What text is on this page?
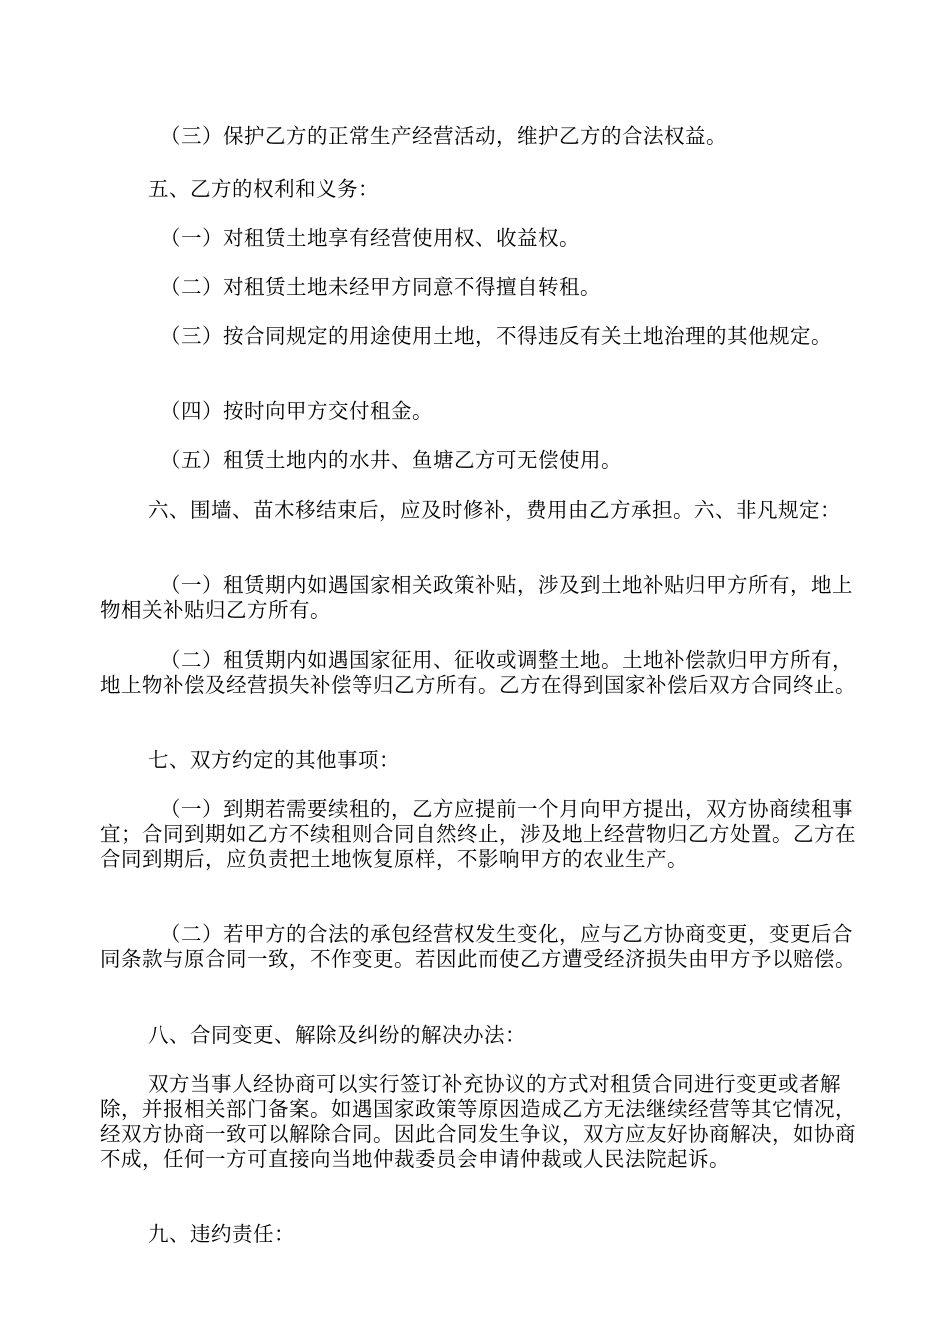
（三）保护乙方的正常生产经营活动，维护乙方的合法权益。

五、乙方的权利和义务：

（一）对租赁土地享有经营使用权、收益权。

（二）对租赁土地未经甲方同意不得擅自转租。

（三）按合同规定的用途使用土地，不得违反有关土地治理的其他规定。

（四）按时向甲方交付租金。

（五）租赁土地内的水井、鱼塘乙方可无偿使用。

六、围墙、苗木移结束后，应及时修补，费用由乙方承担。六、非凡规定：

（一）租赁期内如遇国家相关政策补贴，涉及到土地补贴归甲方所有，地上物相关补贴归乙方所有。

（二）租赁期内如遇国家征用、征收或调整土地。土地补偿款归甲方所有，地上物补偿及经营损失补偿等归乙方所有。乙方在得到国家补偿后双方合同终止。

七、双方约定的其他事项：

（一）到期若需要续租的，乙方应提前一个月向甲方提出，双方协商续租事宜；合同到期如乙方不续租则合同自然终止，涉及地上经营物归乙方处置。乙方在合同到期后，应负责把土地恢复原样，不影响甲方的农业生产。

（二）若甲方的合法的承包经营权发生变化，应与乙方协商变更，变更后合同条款与原合同一致，不作变更。若因此而使乙方遭受经济损失由甲方予以赔偿。

八、合同变更、解除及纠纷的解决办法：

双方当事人经协商可以实行签订补充协议的方式对租赁合同进行变更或者解除，并报相关部门备案。如遇国家政策等原因造成乙方无法继续经营等其它情况，经双方协商一致可以解除合同。因此合同发生争议，双方应友好协商解决，如协商不成，任何一方可直接向当地仲裁委员会申请仲裁或人民法院起诉。

九、违约责任：
